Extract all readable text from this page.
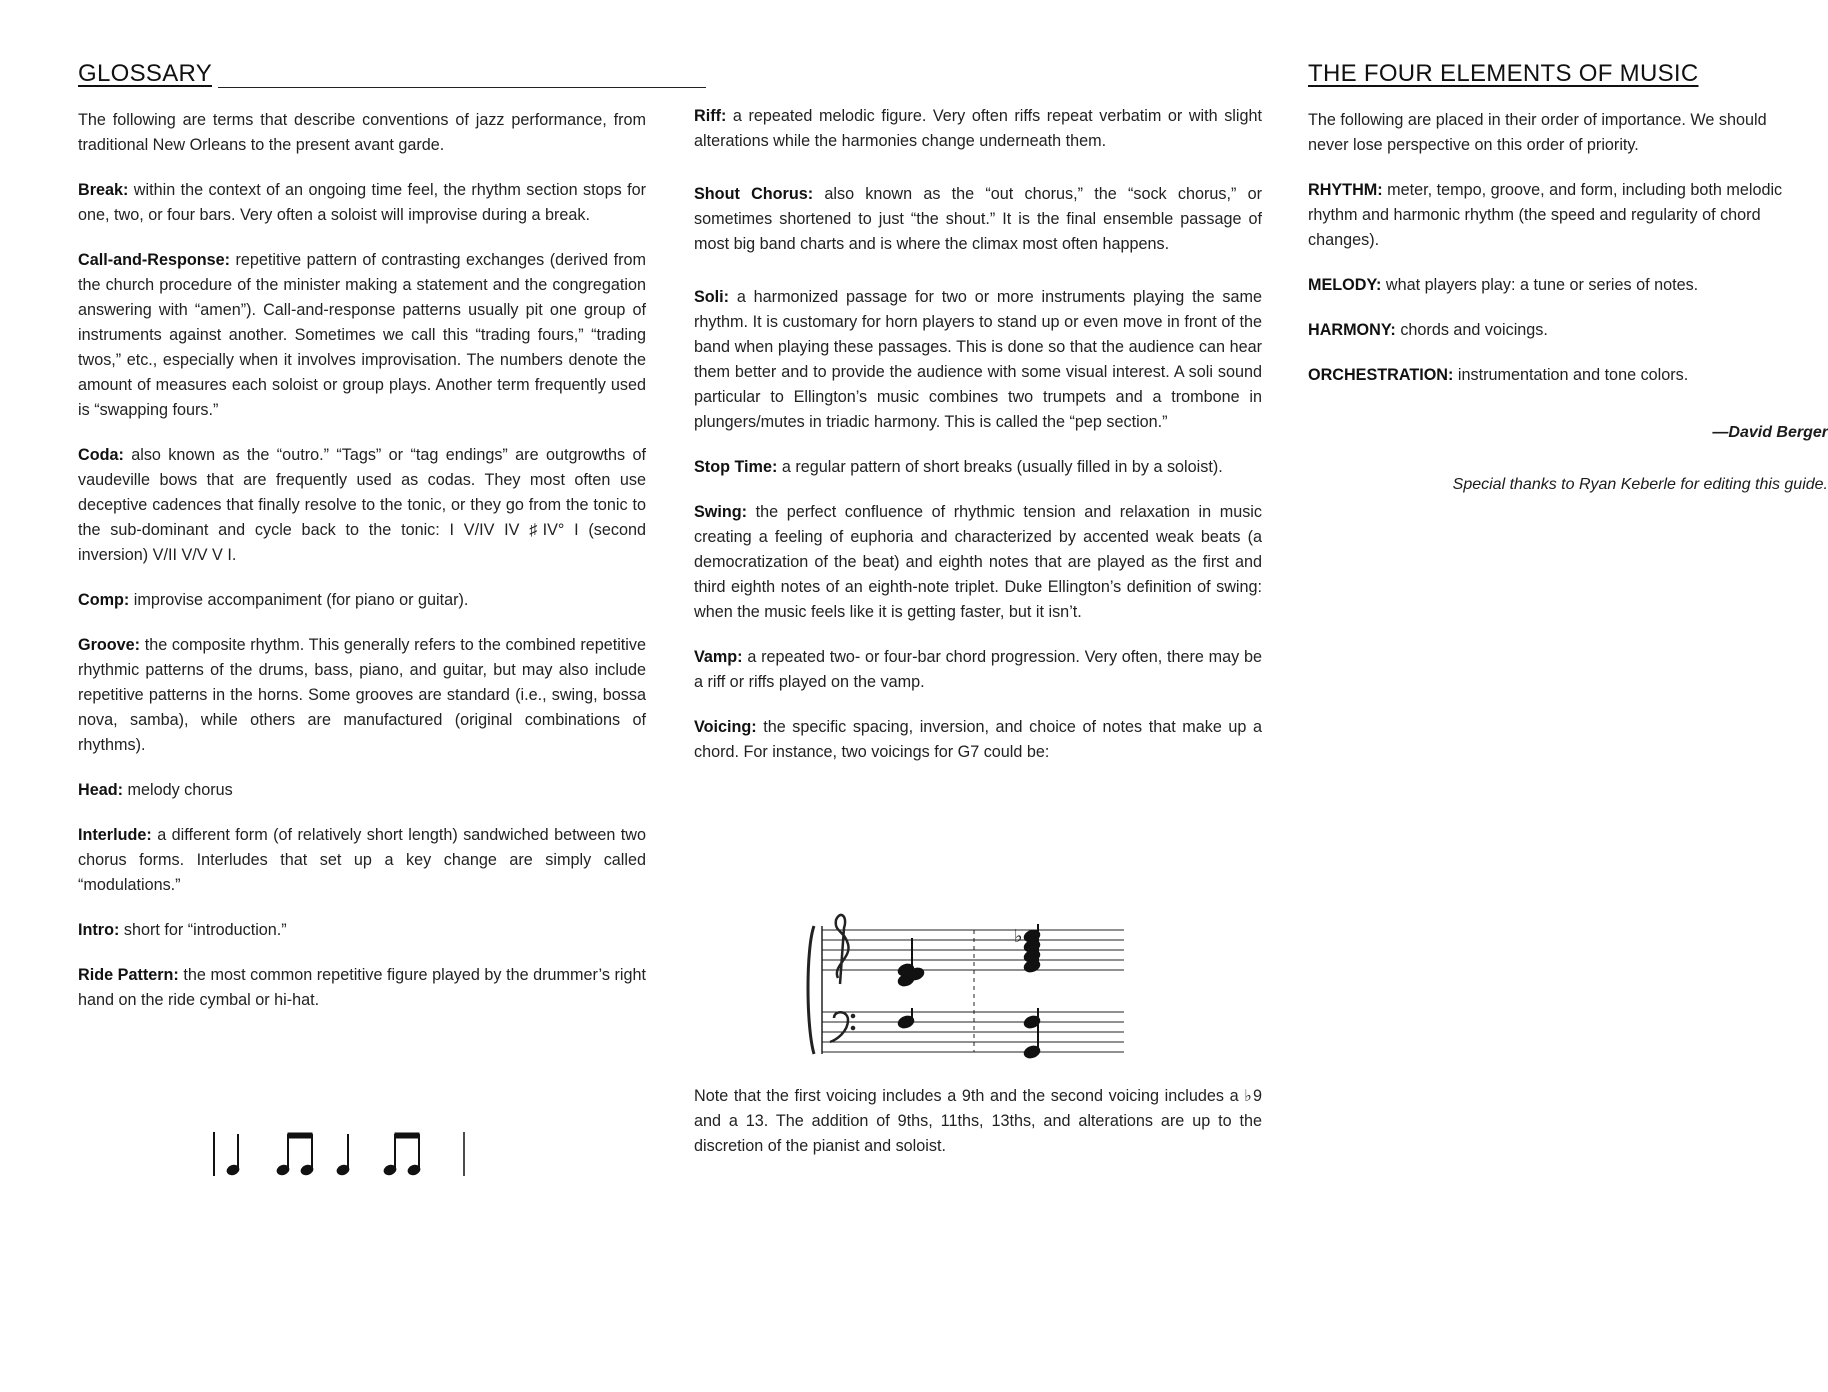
GLOSSARY

The following are terms that describe conventions of jazz performance, from traditional New Orleans to the present avant garde.

Break: within the context of an ongoing time feel, the rhythm section stops for one, two, or four bars. Very often a soloist will improvise during a break.

Call-and-Response: repetitive pattern of contrasting exchanges (derived from the church procedure of the minister making a statement and the congregation answering with “amen”). Call-and-response patterns usually pit one group of instruments against another. Sometimes we call this “trading fours,” “trading twos,” etc., especially when it involves improvisation. The numbers denote the amount of measures each soloist or group plays. Another term frequently used is “swapping fours.”

Coda: also known as the “outro.” “Tags” or “tag endings” are outgrowths of vaudeville bows that are frequently used as codas. They most often use deceptive cadences that finally resolve to the tonic, or they go from the tonic to the sub-dominant and cycle back to the tonic: I V/IV IV ♯IV° I (second inversion) V/II V/V V I.

Comp: improvise accompaniment (for piano or guitar).

Groove: the composite rhythm. This generally refers to the combined repetitive rhythmic patterns of the drums, bass, piano, and guitar, but may also include repetitive patterns in the horns. Some grooves are standard (i.e., swing, bossa nova, samba), while others are manufactured (original combinations of rhythms).

Head: melody chorus

Interlude: a different form (of relatively short length) sandwiched between two chorus forms. Interludes that set up a key change are simply called “modulations.”

Intro: short for “introduction.”

Ride Pattern: the most common repetitive figure played by the drummer’s right hand on the ride cymbal or hi-hat.

Riff: a repeated melodic figure. Very often riffs repeat verbatim or with slight alterations while the harmonies change underneath them.

Shout Chorus: also known as the “out chorus,” the “sock chorus,” or sometimes shortened to just “the shout.” It is the final ensemble passage of most big band charts and is where the climax most often happens.

Soli: a harmonized passage for two or more instruments playing the same rhythm. It is customary for horn players to stand up or even move in front of the band when playing these passages. This is done so that the audience can hear them better and to provide the audience with some visual interest. A soli sound particular to Ellington’s music combines two trumpets and a trombone in plungers/mutes in triadic harmony. This is called the “pep section.”

Stop Time: a regular pattern of short breaks (usually filled in by a soloist).

Swing: the perfect confluence of rhythmic tension and relaxation in music creating a feeling of euphoria and characterized by accented weak beats (a democratization of the beat) and eighth notes that are played as the first and third eighth notes of an eighth-note triplet. Duke Ellington’s definition of swing: when the music feels like it is getting faster, but it isn’t.

Vamp: a repeated two- or four-bar chord progression. Very often, there may be a riff or riffs played on the vamp.

Voicing: the specific spacing, inversion, and choice of notes that make up a chord. For instance, two voicings for G7 could be:

♭

Note that the first voicing includes a 9th and the second voicing includes a ♭9 and a 13. The addition of 9ths, 11ths, 13ths, and alterations are up to the discretion of the pianist and soloist.

THE FOUR ELEMENTS OF MUSIC

The following are placed in their order of importance. We should never lose perspective on this order of priority.

RHYTHM: meter, tempo, groove, and form, including both melodic rhythm and harmonic rhythm (the speed and regularity of chord changes).

MELODY: what players play: a tune or series of notes.

HARMONY: chords and voicings.

ORCHESTRATION: instrumentation and tone colors.

—David Berger
Special thanks to Ryan Keberle for editing this guide.
